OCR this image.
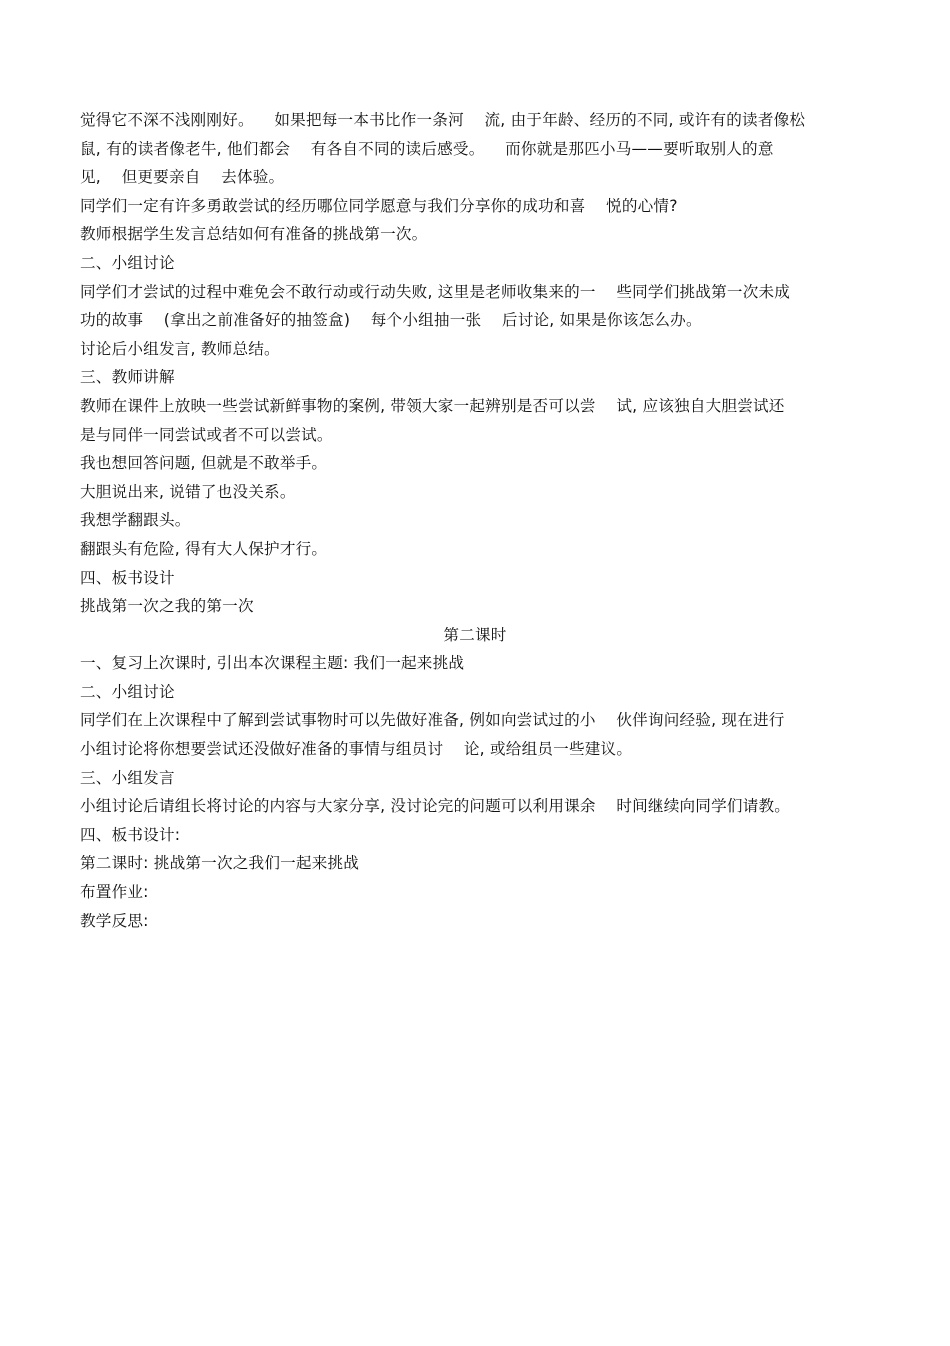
觉得它不深不浅刚刚好。    如果把每一本书比作一条河    流, 由于年龄、经历的不同, 或许有的读者像松
鼠, 有的读者像老牛, 他们都会    有各自不同的读后感受。    而你就是那匹小马——要听取别人的意
见,    但更要亲自    去体验。
同学们一定有许多勇敢尝试的经历哪位同学愿意与我们分享你的成功和喜    悦的心情?
教师根据学生发言总结如何有准备的挑战第一次。
二、小组讨论
同学们才尝试的过程中难免会不敢行动或行动失败, 这里是老师收集来的一    些同学们挑战第一次未成
功的故事    (拿出之前准备好的抽签盒)    每个小组抽一张    后讨论, 如果是你该怎么办。
讨论后小组发言, 教师总结。
三、教师讲解
教师在课件上放映一些尝试新鲜事物的案例, 带领大家一起辨别是否可以尝    试, 应该独自大胆尝试还
是与同伴一同尝试或者不可以尝试。
我也想回答问题, 但就是不敢举手。
大胆说出来, 说错了也没关系。
我想学翻跟头。
翻跟头有危险, 得有大人保护才行。
四、板书设计
挑战第一次之我的第一次
第二课时
一、复习上次课时, 引出本次课程主题: 我们一起来挑战
二、小组讨论
同学们在上次课程中了解到尝试事物时可以先做好准备, 例如向尝试过的小    伙伴询问经验, 现在进行
小组讨论将你想要尝试还没做好准备的事情与组员讨    论, 或给组员一些建议。
三、小组发言
小组讨论后请组长将讨论的内容与大家分享, 没讨论完的问题可以利用课余    时间继续向同学们请教。
四、板书设计:
第二课时: 挑战第一次之我们一起来挑战
布置作业:
教学反思:
